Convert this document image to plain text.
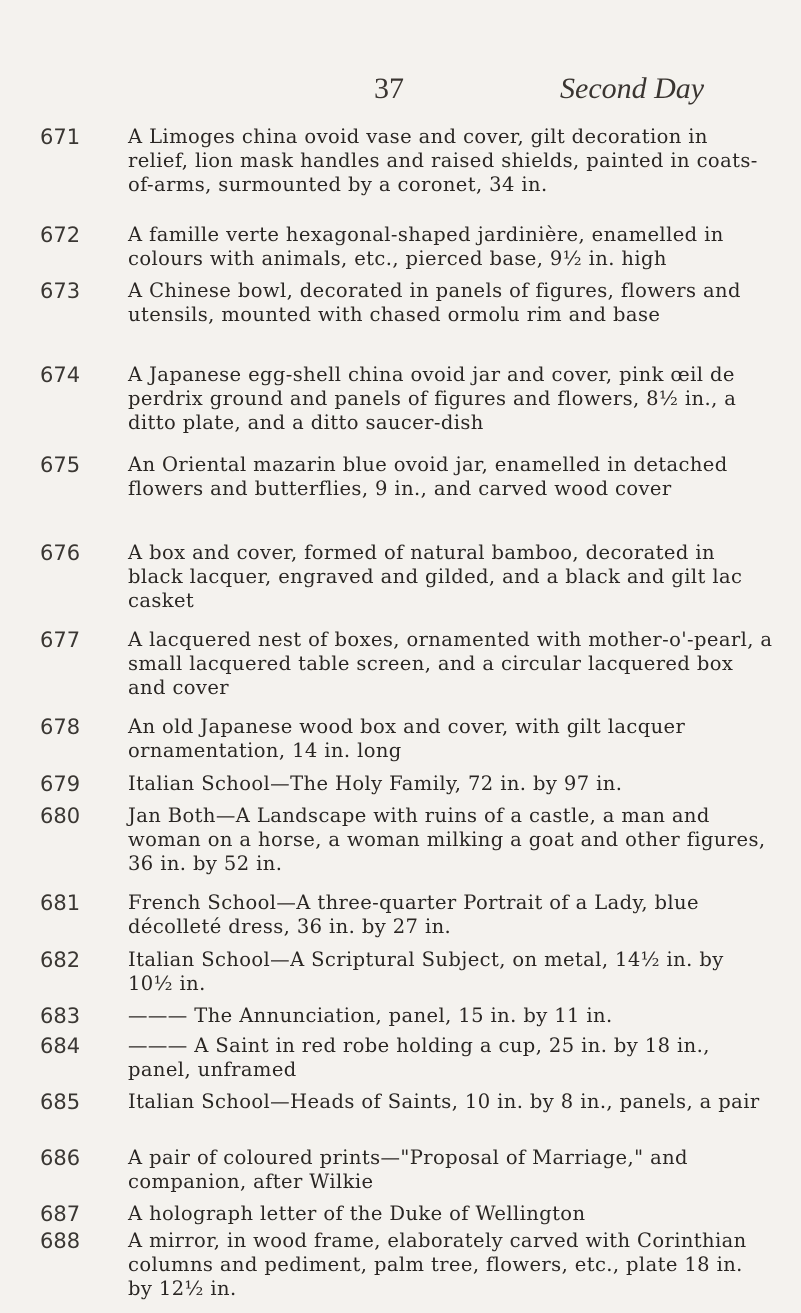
37	Second Day
671 A Limoges china ovoid vase and cover, gilt decoration in relief, lion mask handles and raised shields, painted in coats-of-arms, surmounted by a coronet, 34 in.
672 A famille verte hexagonal-shaped jardinière, enamelled in colours with animals, etc., pierced base, 9½ in. high
673 A Chinese bowl, decorated in panels of figures, flowers and utensils, mounted with chased ormolu rim and base
674 A Japanese egg-shell china ovoid jar and cover, pink œil de perdrix ground and panels of figures and flowers, 8½ in., a ditto plate, and a ditto saucer-dish
675 An Oriental mazarin blue ovoid jar, enamelled in detached flowers and butterflies, 9 in., and carved wood cover
676 A box and cover, formed of natural bamboo, decorated in black lacquer, engraved and gilded, and a black and gilt lac casket
677 A lacquered nest of boxes, ornamented with mother-o'-pearl, a small lacquered table screen, and a circular lacquered box and cover
678 An old Japanese wood box and cover, with gilt lacquer ornamentation, 14 in. long
679 Italian School—The Holy Family, 72 in. by 97 in.
680 Jan Both—A Landscape with ruins of a castle, a man and woman on a horse, a woman milking a goat and other figures, 36 in. by 52 in.
681 French School—A three-quarter Portrait of a Lady, blue décolleté dress, 36 in. by 27 in.
682 Italian School—A Scriptural Subject, on metal, 14½ in. by 10½ in.
683 ——— The Annunciation, panel, 15 in. by 11 in.
684 ——— A Saint in red robe holding a cup, 25 in. by 18 in., panel, unframed
685 Italian School—Heads of Saints, 10 in. by 8 in., panels, a pair
686 A pair of coloured prints—"Proposal of Marriage," and companion, after Wilkie
687 A holograph letter of the Duke of Wellington
688 A mirror, in wood frame, elaborately carved with Corinthian columns and pediment, palm tree, flowers, etc., plate 18 in. by 12½ in.
